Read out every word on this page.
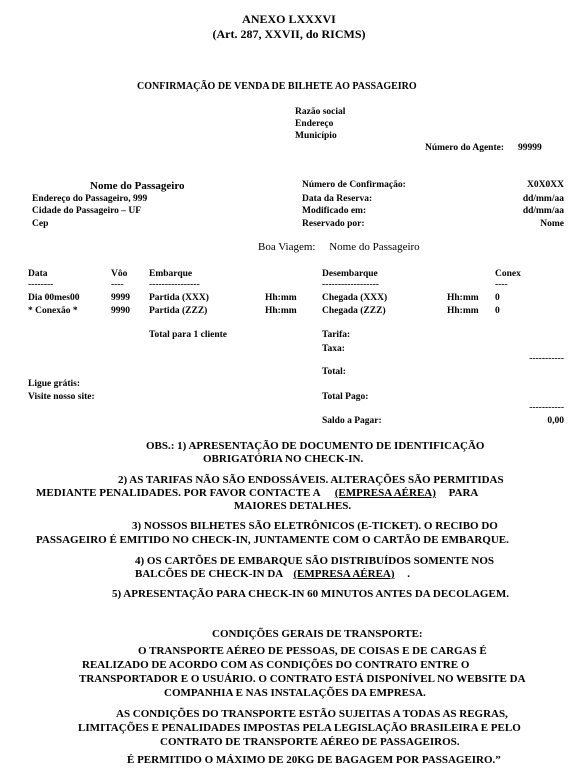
ANEXO LXXXVI
(Art. 287, XXVII, do RICMS)
CONFIRMAÇÃO DE VENDA DE BILHETE AO PASSAGEIRO
Razão social
Endereço
Município
Número do Agente: 99999
Nome do Passageiro
Endereço do Passageiro, 999
Cidade do Passageiro – UF
Cep
Número de Confirmação:	X0X0XX
Data da Reserva:	dd/mm/aa
Modificado em:	dd/mm/aa
Reservado por:	Nome
Boa Viagem:     Nome do Passageiro
Data	Vôo Embarque	Desembarque	Conex
--------	----	----------------	------------------	----
Dia 00mes00	9999 Partida (XXX)	Hh:mm	Chegada (XXX)	Hh:mm 0
* Conexão *	9990 Partida (ZZZ)	Hh:mm	Chegada (ZZZ)	Hh:mm 0
Total para 1 cliente	Tarifa:
Taxa:
-----------
Total:
Ligue grátis:
Visite nosso site:	Total Pago:
-----------
Saldo a Pagar:	0,00
OBS.: 1) APRESENTAÇÃO DE DOCUMENTO DE IDENTIFICAÇÃO
OBRIGATÓRIA NO CHECK-IN.
2) AS TARIFAS NÃO SÃO ENDOSSÁVEIS. ALTERAÇÕES SÃO PERMITIDAS
MEDIANTE PENALIDADES. POR FAVOR CONTACTE A (EMPRESA AÉREA) PARA
MAIORES DETALHES.
3) NOSSOS BILHETES SÃO ELETRÔNICOS (E-TICKET). O RECIBO DO
PASSAGEIRO É EMITIDO NO CHECK-IN, JUNTAMENTE COM O CARTÃO DE EMBARQUE.
4) OS CARTÕES DE EMBARQUE SÃO DISTRIBUÍDOS SOMENTE NOS
BALCÕES DE CHECK-IN DA (EMPRESA AÉREA) .
5) APRESENTAÇÃO PARA CHECK-IN 60 MINUTOS ANTES DA DECOLAGEM.
CONDIÇÕES GERAIS DE TRANSPORTE:
O TRANSPORTE AÉREO DE PESSOAS, DE COISAS E DE CARGAS É
REALIZADO DE ACORDO COM AS CONDIÇÕES DO CONTRATO ENTRE O
TRANSPORTADOR E O USUÁRIO. O CONTRATO ESTÁ DISPONÍVEL NO WEBSITE DA
COMPANHIA E NAS INSTALAÇÕES DA EMPRESA.
AS CONDIÇÕES DO TRANSPORTE ESTÃO SUJEITAS A TODAS AS REGRAS,
LIMITAÇÕES E PENALIDADES IMPOSTAS PELA LEGISLAÇÃO BRASILEIRA E PELO
CONTRATO DE TRANSPORTE AÉREO DE PASSAGEIROS.
É PERMITIDO O MÁXIMO DE 20KG DE BAGAGEM POR PASSAGEIRO.”
